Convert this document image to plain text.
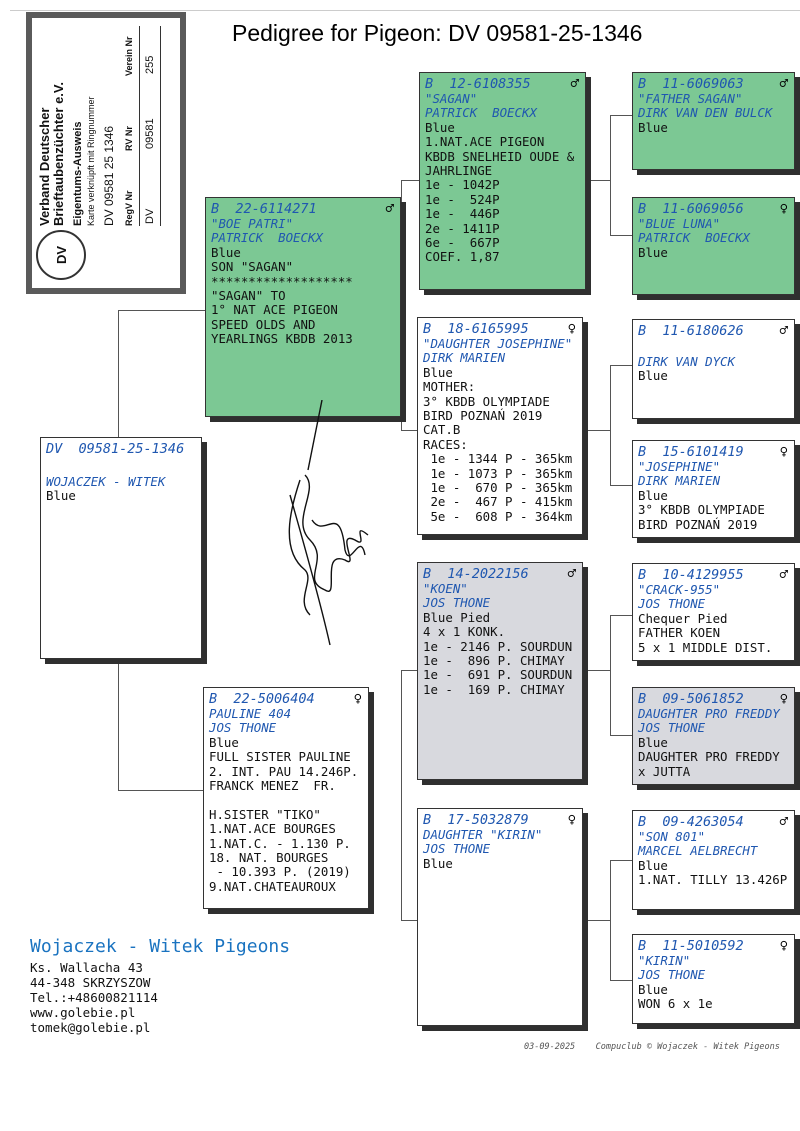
Pedigree for Pigeon: DV 09581-25-1346
DV
Verband Deutscher Brieftaubenzüchter e.V. Eigentums-Ausweis Karte verknüpft mit Ringnummer DV 09581 25 1346 RegV Nr
RV Nr
Verein Nr
DV
09581
255
DV 09581-25-1346
WOJACZEK - WITEK
Blue
B 22-6114271	♂
"BOE PATRI"
PATRICK  BOECKX
Blue
SON "SAGAN"
*******************
"SAGAN" TO
1° NAT ACE PIGEON
SPEED OLDS AND
YEARLINGS KBDB 2013
B 22-5006404	♀
PAULINE 404
JOS THONE
Blue
FULL SISTER PAULINE
2. INT. PAU 14.246P.
FRANCK MENEZ  FR.

H.SISTER "TIKO"
1.NAT.ACE BOURGES
1.NAT.C. - 1.130 P.
18. NAT. BOURGES
- 10.393 P. (2019)
9.NAT.CHATEAUROUX
B 12-6108355	♂
"SAGAN"
PATRICK  BOECKX
Blue
1.NAT.ACE PIGEON
KBDB SNELHEID OUDE &
JAHRLINGE
1e - 1042P
1e -  524P
1e -  446P
2e - 1411P
6e -  667P
COEF. 1,87
B 18-6165995	♀
"DAUGHTER JOSEPHINE"
DIRK MARIEN
Blue
MOTHER:
3° KBDB OLYMPIADE
BIRD POZNAŃ 2019
CAT.B
RACES:
1e - 1344 P - 365km
1e - 1073 P - 365km
1e -  670 P - 365km
2e -  467 P - 415km
5e -  608 P - 364km
B 14-2022156	♂
"KOEN"
JOS THONE
Blue Pied
4 x 1 KONK.
1e - 2146 P. SOURDUN
1e -  896 P. CHIMAY
1e -  691 P. SOURDUN
1e -  169 P. CHIMAY
B 17-5032879	♀
DAUGHTER "KIRIN"
JOS THONE
Blue
B 11-6069063	♂
"FATHER SAGAN"
DIRK VAN DEN BULCK
Blue
B 11-6069056	♀
"BLUE LUNA"
PATRICK  BOECKX
Blue
B 11-6180626	♂
DIRK VAN DYCK
Blue
B 15-6101419	♀
"JOSEPHINE"
DIRK MARIEN
Blue
3° KBDB OLYMPIADE
BIRD POZNAŃ 2019
B 10-4129955	♂
"CRACK-955"
JOS THONE
Chequer Pied
FATHER KOEN
5 x 1 MIDDLE DIST.
B 09-5061852	♀
DAUGHTER PRO FREDDY
JOS THONE
Blue
DAUGHTER PRO FREDDY
x JUTTA
B 09-4263054	♂
"SON 801"
MARCEL AELBRECHT
Blue
1.NAT. TILLY 13.426P
B 11-5010592	♀
"KIRIN"
JOS THONE
Blue
WON 6 x 1e
Wojaczek - Witek Pigeons
Ks. Wallacha 43
44-348 SKRZYSZOW
Tel.:+48600821114
www.golebie.pl
tomek@golebie.pl
03-09-2025 Compuclub © Wojaczek - Witek Pigeons
